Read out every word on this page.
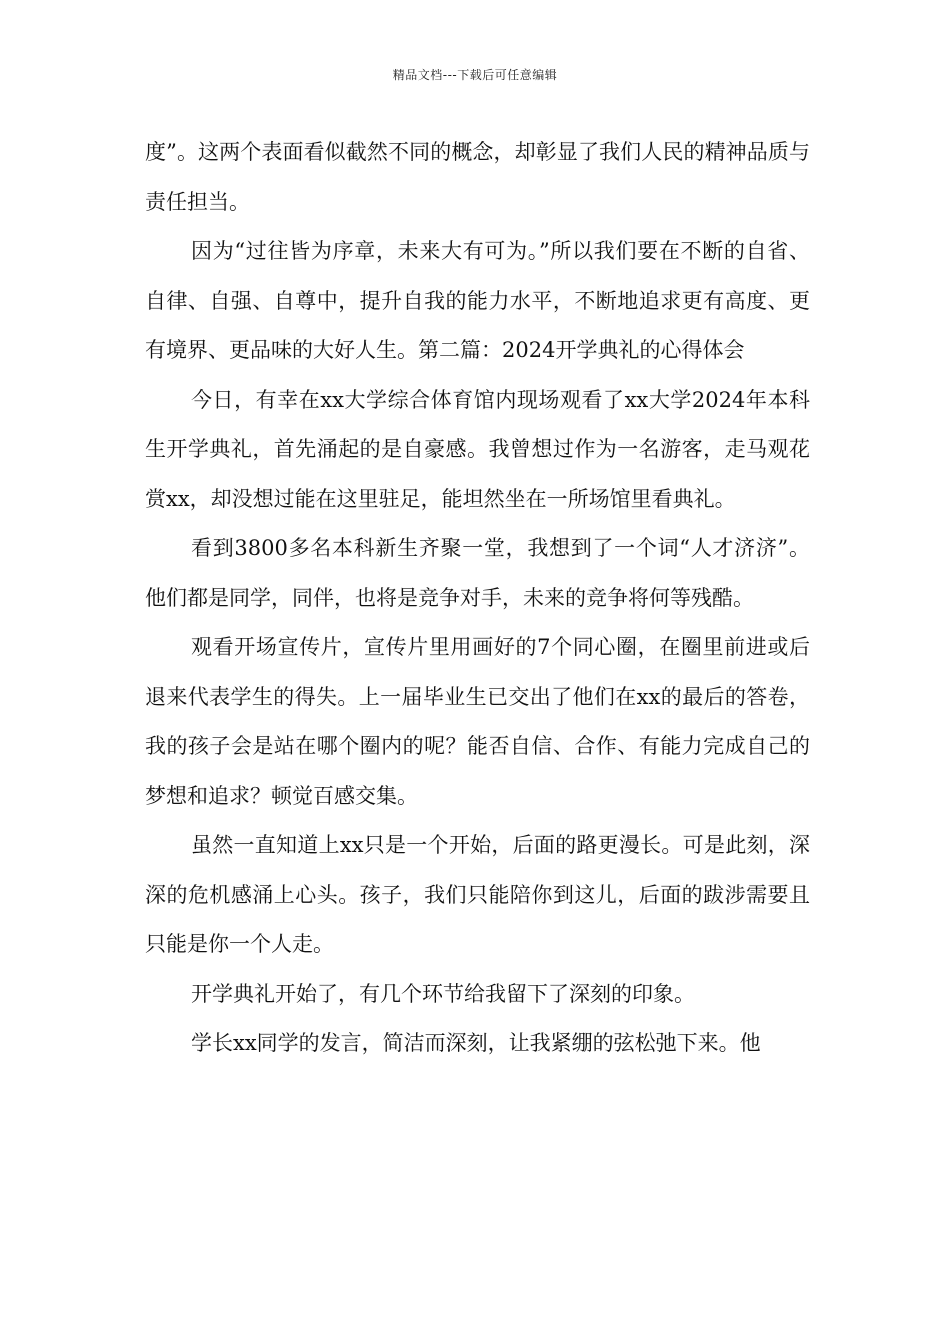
精品文档---下载后可任意编辑

度”。这两个表面看似截然不同的概念，却彰显了我们人民的精神品质与责任担当。

因为“过往皆为序章，未来大有可为。”所以我们要在不断的自省、自律、自强、自尊中，提升自我的能力水平，不断地追求更有高度、更有境界、更品味的大好人生。第二篇：2024开学典礼的心得体会

今日，有幸在xx大学综合体育馆内现场观看了xx大学2024年本科生开学典礼，首先涌起的是自豪感。我曾想过作为一名游客，走马观花赏xx，却没想过能在这里驻足，能坦然坐在一所场馆里看典礼。

看到3800多名本科新生齐聚一堂，我想到了一个词“人才济济”。他们都是同学，同伴，也将是竞争对手，未来的竞争将何等残酷。

观看开场宣传片，宣传片里用画好的7个同心圈，在圈里前进或后退来代表学生的得失。上一届毕业生已交出了他们在xx的最后的答卷，我的孩子会是站在哪个圈内的呢？能否自信、合作、有能力完成自己的梦想和追求？顿觉百感交集。

虽然一直知道上xx只是一个开始，后面的路更漫长。可是此刻，深深的危机感涌上心头。孩子，我们只能陪你到这儿，后面的跋涉需要且只能是你一个人走。

开学典礼开始了，有几个环节给我留下了深刻的印象。

学长xx同学的发言，简洁而深刻，让我紧绷的弦松弛下来。他
